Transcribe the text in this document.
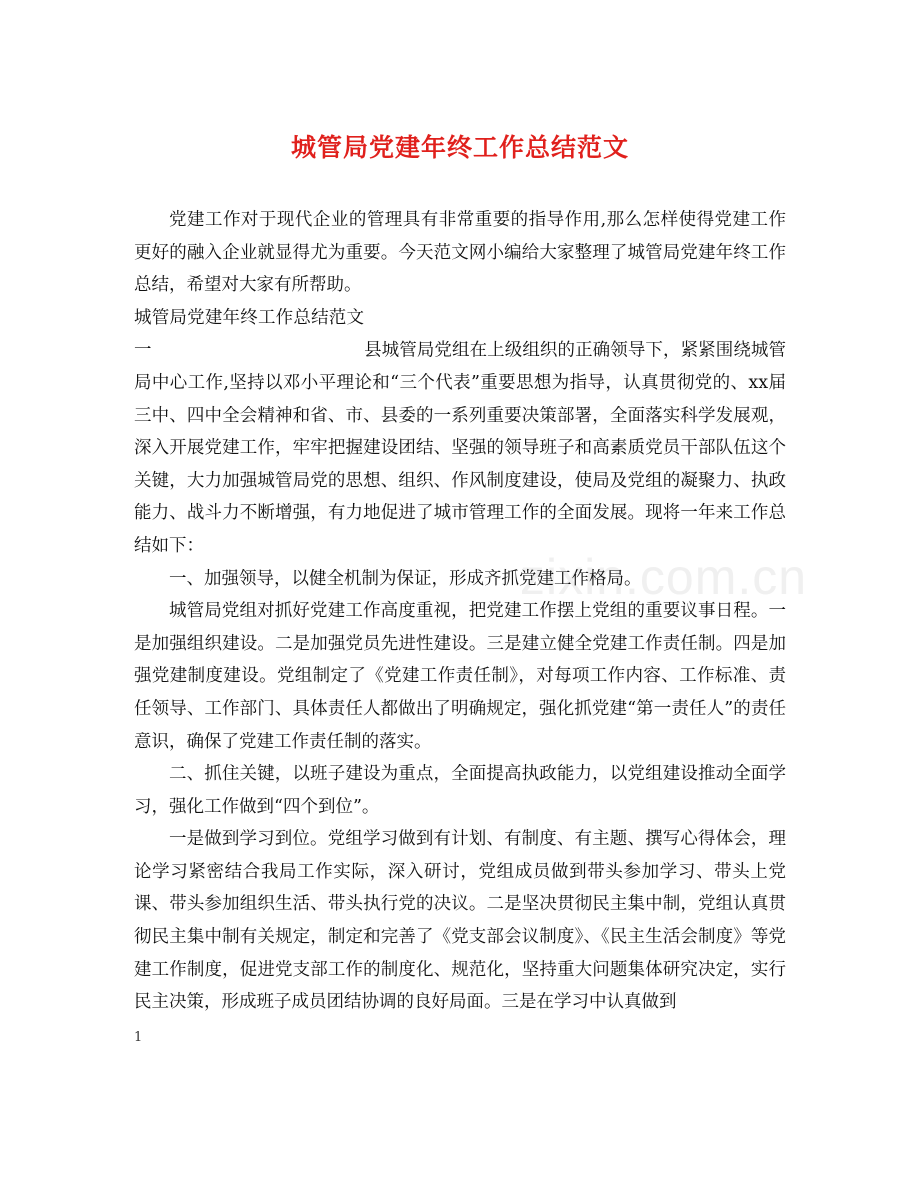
城管局党建年终工作总结范文
zixin.com.cn

党建工作对于现代企业的管理具有非常重要的指导作用,那么怎样使得党建工作更好的融入企业就显得尤为重要。今天范文网小编给大家整理了城管局党建年终工作总结，希望对大家有所帮助。

城管局党建年终工作总结范文一	县城管局党组在上级组织的正确领导下，紧紧围绕城管局中心工作,坚持以邓小平理论和“三个代表”重要思想为指导，认真贯彻党的、xx届三中、四中全会精神和省、市、县委的一系列重要决策部署，全面落实科学发展观，深入开展党建工作，牢牢把握建设团结、坚强的领导班子和高素质党员干部队伍这个关键，大力加强城管局党的思想、组织、作风制度建设，使局及党组的凝聚力、执政能力、战斗力不断增强，有力地促进了城市管理工作的全面发展。现将一年来工作总结如下：

一、加强领导，以健全机制为保证，形成齐抓党建工作格局。

城管局党组对抓好党建工作高度重视，把党建工作摆上党组的重要议事日程。一是加强组织建设。二是加强党员先进性建设。三是建立健全党建工作责任制。四是加强党建制度建设。党组制定了《党建工作责任制》，对每项工作内容、工作标准、责任领导、工作部门、具体责任人都做出了明确规定，强化抓党建“第一责任人”的责任意识，确保了党建工作责任制的落实。

二、抓住关键，以班子建设为重点，全面提高执政能力，以党组建设推动全面学习，强化工作做到“四个到位”。

一是做到学习到位。党组学习做到有计划、有制度、有主题、撰写心得体会，理论学习紧密结合我局工作实际，深入研讨，党组成员做到带头参加学习、带头上党课、带头参加组织生活、带头执行党的决议。二是坚决贯彻民主集中制，党组认真贯彻民主集中制有关规定，制定和完善了《党支部会议制度》、《民主生活会制度》等党建工作制度，促进党支部工作的制度化、规范化，坚持重大问题集体研究决定，实行民主决策，形成班子成员团结协调的良好局面。三是在学习中认真做到

1
